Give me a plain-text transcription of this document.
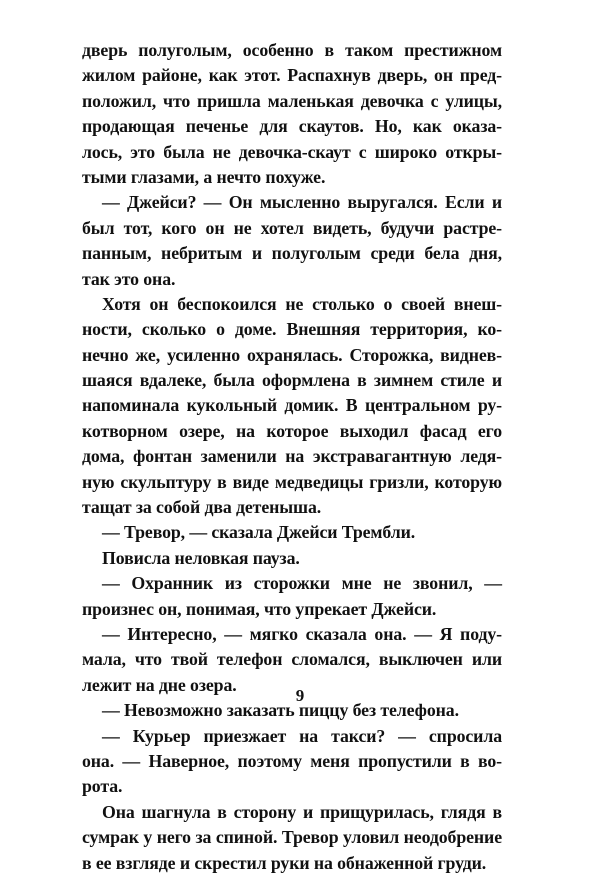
дверь полуголым, особенно в таком престижном
жилом районе, как этот. Распахнув дверь, он пред-
положил, что пришла маленькая девочка с улицы,
продающая печенье для скаутов. Но, как оказа-
лось, это была не девочка-скаут с широко откры-
тыми глазами, а нечто похуже.
— Джейси? — Он мысленно выругался. Если и
был тот, кого он не хотел видеть, будучи растре-
панным, небритым и полуголым среди бела дня,
так это она.
Хотя он беспокоился не столько о своей внеш-
ности, сколько о доме. Внешняя территория, ко-
нечно же, усиленно охранялась. Сторожка, виднев-
шаяся вдалеке, была оформлена в зимнем стиле и
напоминала кукольный домик. В центральном ру-
котворном озере, на которое выходил фасад его
дома, фонтан заменили на экстравагантную ледя-
ную скульптуру в виде медведицы гризли, которую
тащат за собой два детеныша.
— Тревор, — сказала Джейси Трембли.
Повисла неловкая пауза.
— Охранник из сторожки мне не звонил, —
произнес он, понимая, что упрекает Джейси.
— Интересно, — мягко сказала она. — Я поду-
мала, что твой телефон сломался, выключен или
лежит на дне озера.
— Невозможно заказать пиццу без телефона.
— Курьер приезжает на такси? — спросила
она. — Наверное, поэтому меня пропустили в во-
рота.
Она шагнула в сторону и прищурилась, глядя в
сумрак у него за спиной. Тревор уловил неодобрение
в ее взгляде и скрестил руки на обнаженной груди.
9
